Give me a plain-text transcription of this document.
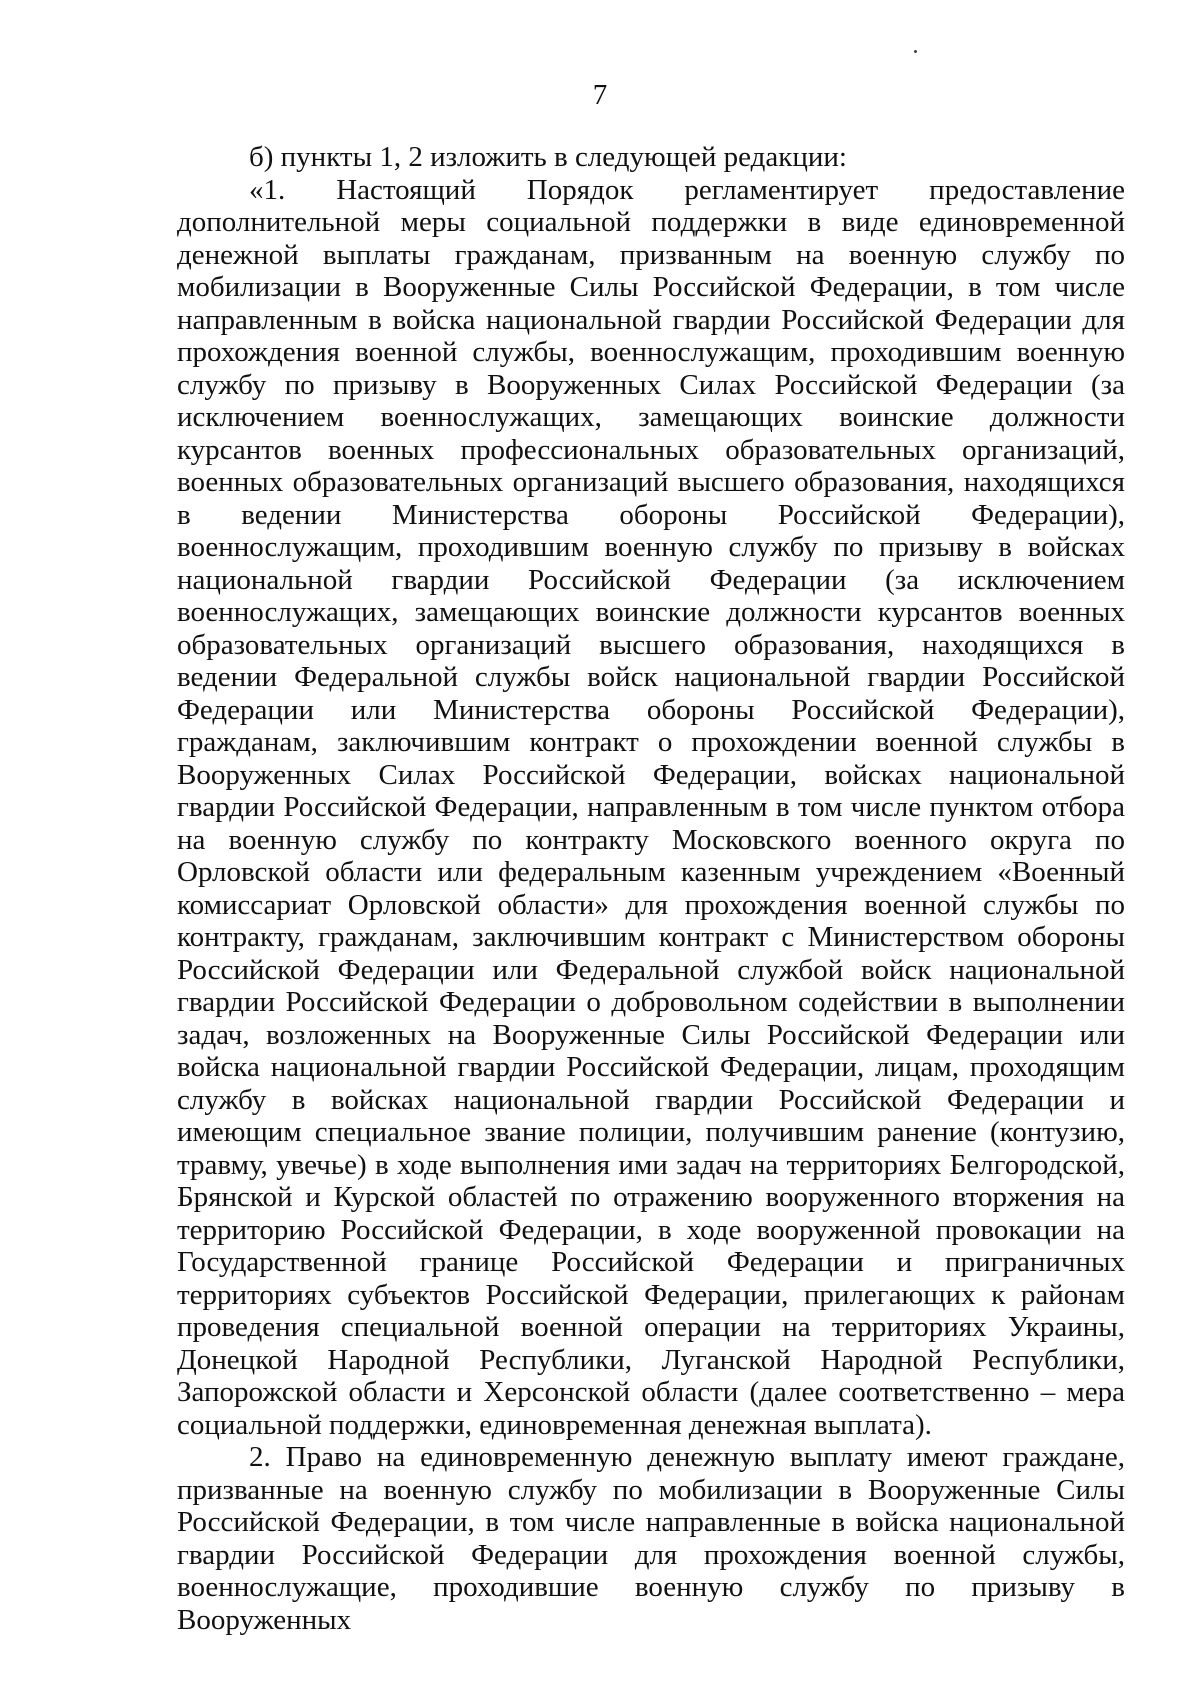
7

б) пункты 1, 2 изложить в следующей редакции:

«1. Настоящий Порядок регламентирует предоставление дополнительной меры социальной поддержки в виде единовременной денежной выплаты гражданам, призванным на военную службу по мобилизации в Вооруженные Силы Российской Федерации, в том числе направленным в войска национальной гвардии Российской Федерации для прохождения военной службы, военнослужащим, проходившим военную службу по призыву в Вооруженных Силах Российской Федерации (за исключением военнослужащих, замещающих воинские должности курсантов военных профессиональных образовательных организаций, военных образовательных организаций высшего образования, находящихся в ведении Министерства обороны Российской Федерации), военнослужащим, проходившим военную службу по призыву в войсках национальной гвардии Российской Федерации (за исключением военнослужащих, замещающих воинские должности курсантов военных образовательных организаций высшего образования, находящихся в ведении Федеральной службы войск национальной гвардии Российской Федерации или Министерства обороны Российской Федерации), гражданам, заключившим контракт о прохождении военной службы в Вооруженных Силах Российской Федерации, войсках национальной гвардии Российской Федерации, направленным в том числе пунктом отбора на военную службу по контракту Московского военного округа по Орловской области или федеральным казенным учреждением «Военный комиссариат Орловской области» для прохождения военной службы по контракту, гражданам, заключившим контракт с Министерством обороны Российской Федерации или Федеральной службой войск национальной гвардии Российской Федерации о добровольном содействии в выполнении задач, возложенных на Вооруженные Силы Российской Федерации или войска национальной гвардии Российской Федерации, лицам, проходящим службу в войсках национальной гвардии Российской Федерации и имеющим специальное звание полиции, получившим ранение (контузию, травму, увечье) в ходе выполнения ими задач на территориях Белгородской, Брянской и Курской областей по отражению вооруженного вторжения на территорию Российской Федерации, в ходе вооруженной провокации на Государственной границе Российской Федерации и приграничных территориях субъектов Российской Федерации, прилегающих к районам проведения специальной военной операции на территориях Украины, Донецкой Народной Республики, Луганской Народной Республики, Запорожской области и Херсонской области (далее соответственно – мера социальной поддержки, единовременная денежная выплата).

2. Право на единовременную денежную выплату имеют граждане, призванные на военную службу по мобилизации в Вооруженные Силы Российской Федерации, в том числе направленные в войска национальной гвардии Российской Федерации для прохождения военной службы, военнослужащие, проходившие военную службу по призыву в Вооруженных
